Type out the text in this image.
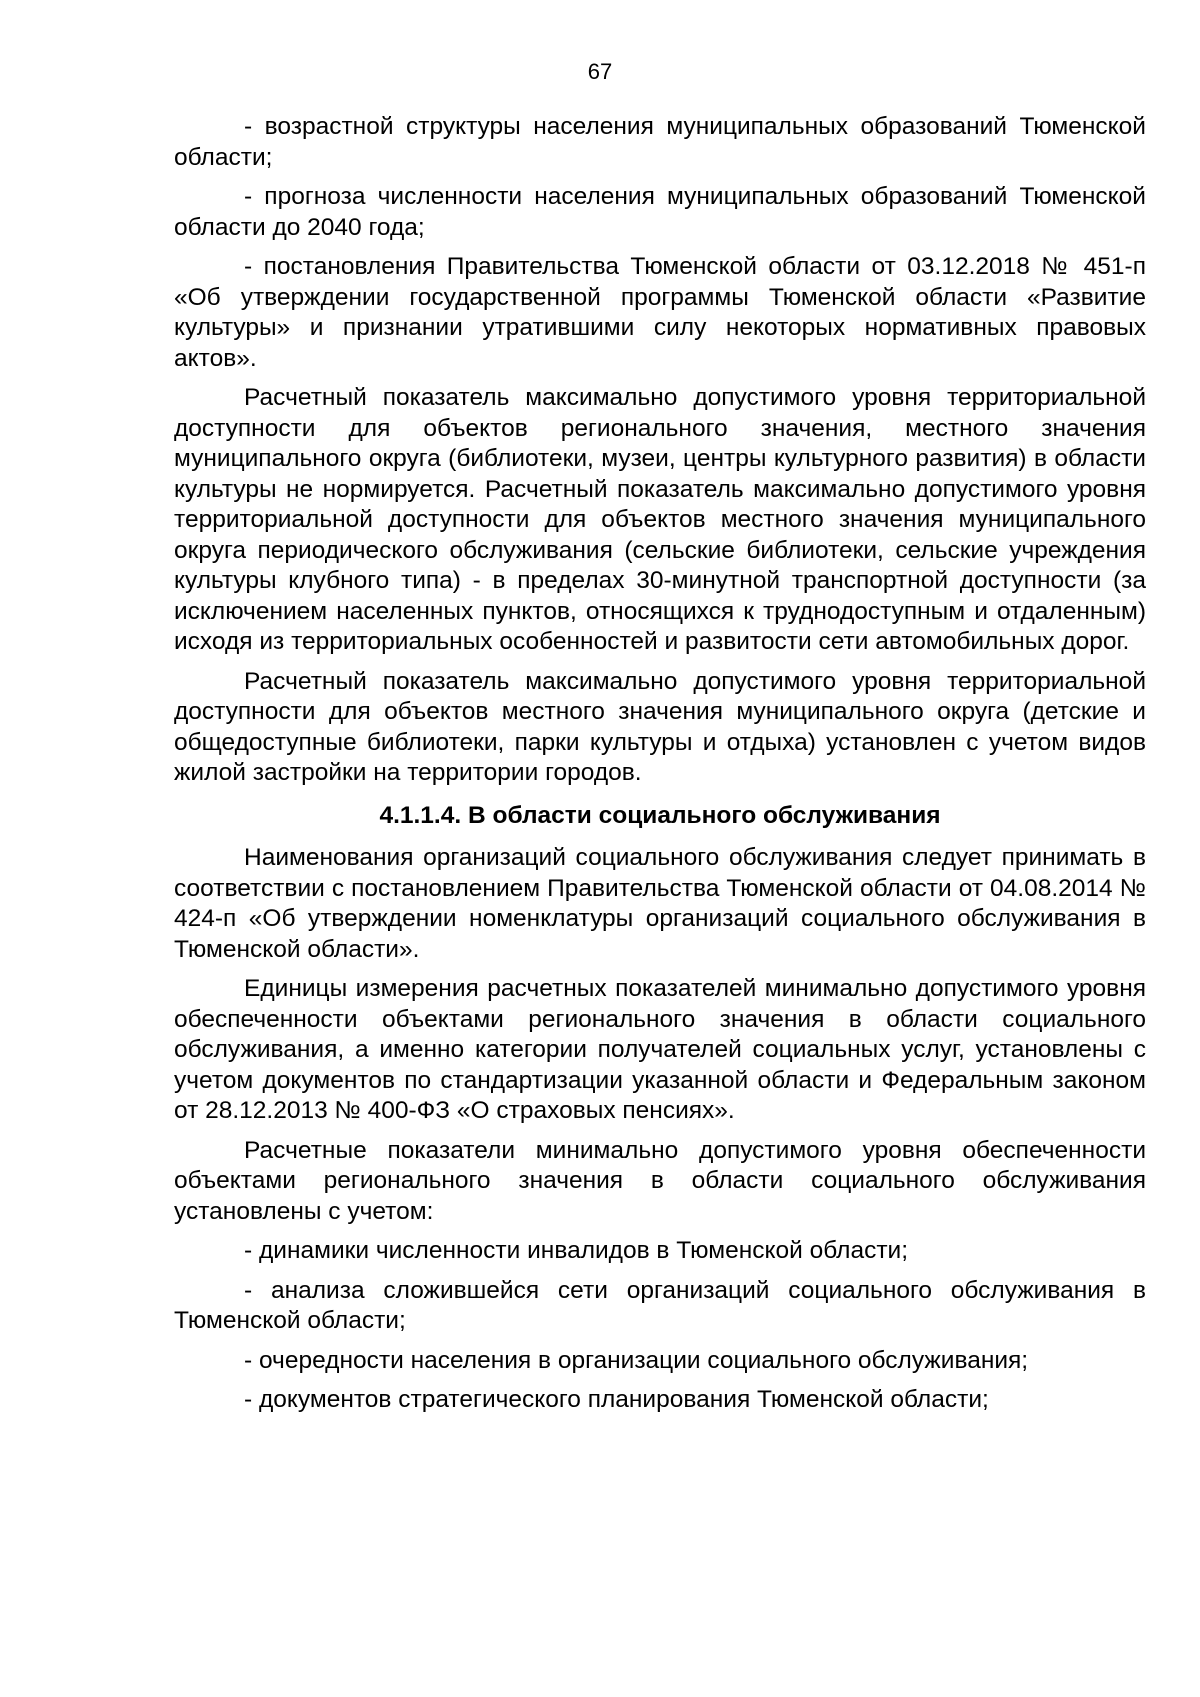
67

- возрастной структуры населения муниципальных образований Тюменской области;

- прогноза численности населения муниципальных образований Тюменской области до 2040 года;

- постановления Правительства Тюменской области от 03.12.2018 № 451-п «Об утверждении государственной программы Тюменской области «Развитие культуры» и признании утратившими силу некоторых нормативных правовых актов».

Расчетный показатель максимально допустимого уровня территориальной доступности для объектов регионального значения, местного значения муниципального округа (библиотеки, музеи, центры культурного развития) в области культуры не нормируется. Расчетный показатель максимально допустимого уровня территориальной доступности для объектов местного значения муниципального округа периодического обслуживания (сельские библиотеки, сельские учреждения культуры клубного типа) - в пределах 30-минутной транспортной доступности (за исключением населенных пунктов, относящихся к труднодоступным и отдаленным) исходя из территориальных особенностей и развитости сети автомобильных дорог.

Расчетный показатель максимально допустимого уровня территориальной доступности для объектов местного значения муниципального округа (детские и общедоступные библиотеки, парки культуры и отдыха) установлен с учетом видов жилой застройки на территории городов.

4.1.1.4. В области социального обслуживания

Наименования организаций социального обслуживания следует принимать в соответствии с постановлением Правительства Тюменской области от 04.08.2014 № 424-п «Об утверждении номенклатуры организаций социального обслуживания в Тюменской области».

Единицы измерения расчетных показателей минимально допустимого уровня обеспеченности объектами регионального значения в области социального обслуживания, а именно категории получателей социальных услуг, установлены с учетом документов по стандартизации указанной области и Федеральным законом от 28.12.2013 № 400-ФЗ «О страховых пенсиях».

Расчетные показатели минимально допустимого уровня обеспеченности объектами регионального значения в области социального обслуживания установлены с учетом:

- динамики численности инвалидов в Тюменской области;

- анализа сложившейся сети организаций социального обслуживания в Тюменской области;

- очередности населения в организации социального обслуживания;

- документов стратегического планирования Тюменской области;
